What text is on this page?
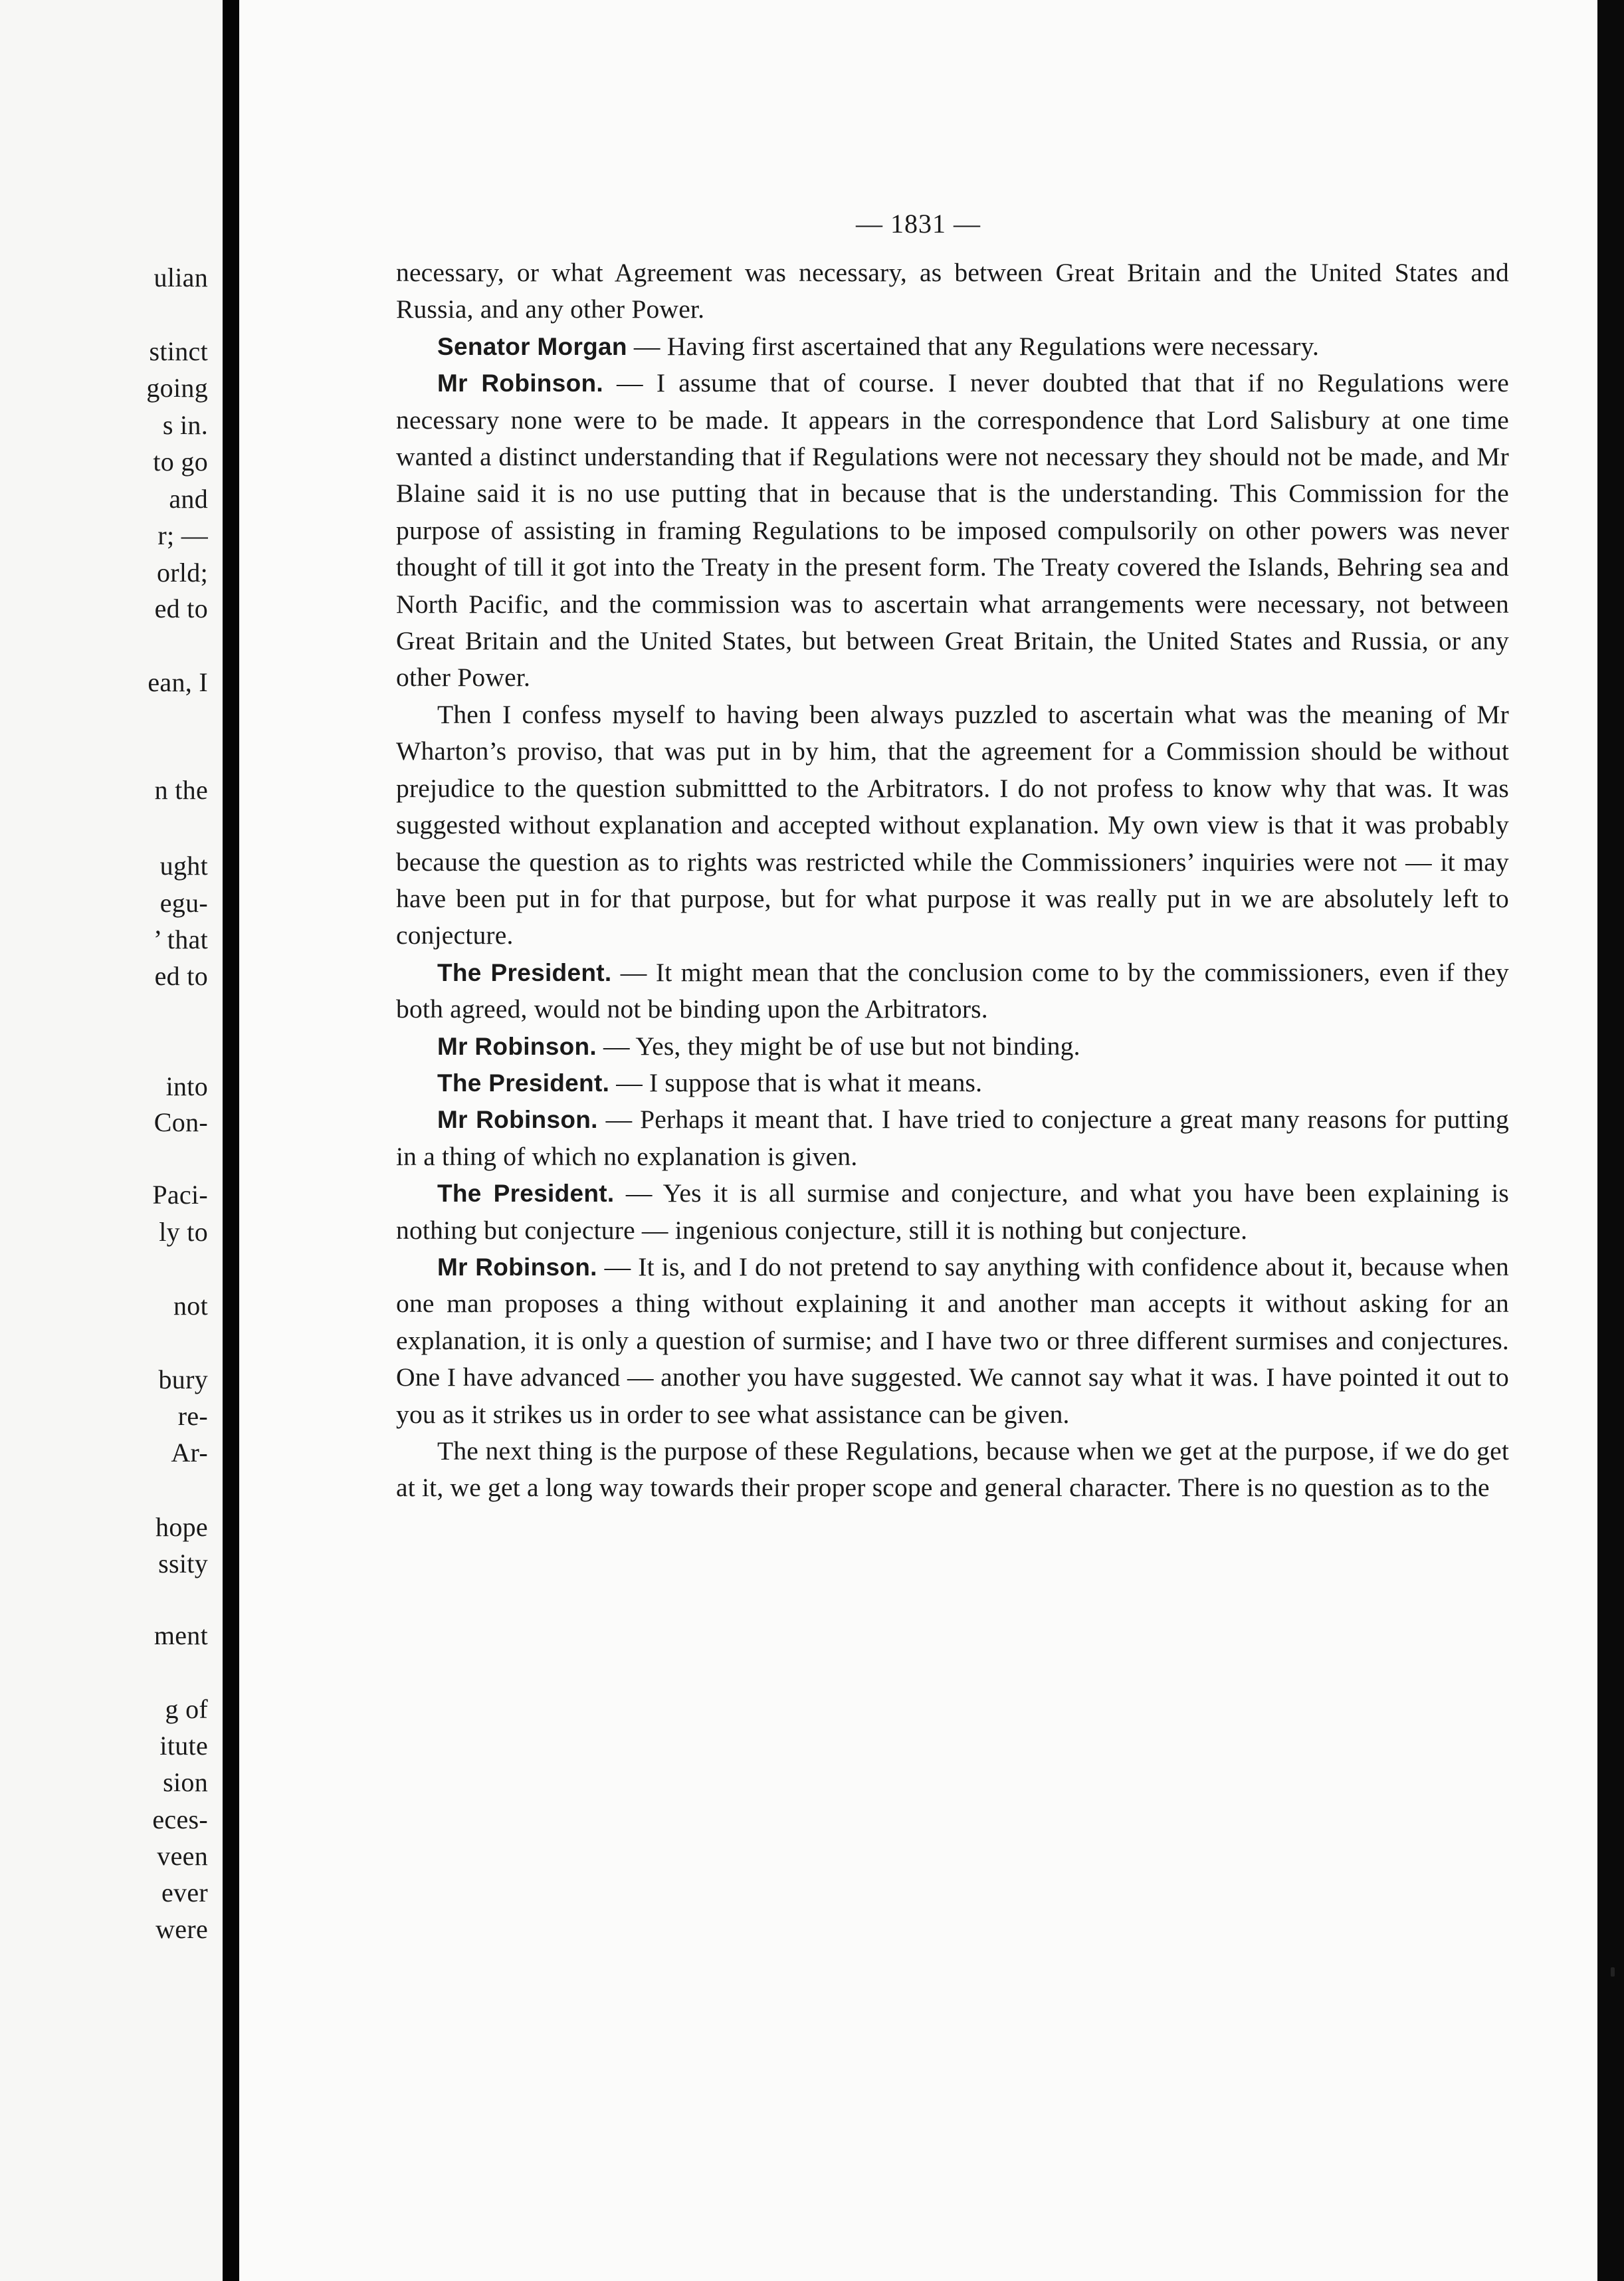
ulian
stinct
going
s in.
to go
and
r; —
orld;
ed to
ean, I
n the
ught
egu-
’ that
ed to
into
Con-
Paci-
ly to
not
bury
re-
Ar-
hope
ssity
ment
g of
itute
sion
eces-
veen
ever
were
— 1831 —

necessary, or what Agreement was necessary, as between Great Britain and the United States and Russia, and any other Power.

Senator Morgan — Having first ascertained that any Regulations were necessary.

Mr Robinson. — I assume that of course. I never doubted that that if no Regulations were necessary none were to be made. It appears in the correspondence that Lord Salisbury at one time wanted a distinct understanding that if Regulations were not necessary they should not be made, and Mr Blaine said it is no use putting that in because that is the understanding. This Commission for the purpose of assisting in framing Regulations to be imposed compulsorily on other powers was never thought of till it got into the Treaty in the present form. The Treaty covered the Islands, Behring sea and North Pacific, and the commission was to ascertain what arrangements were necessary, not between Great Britain and the United States, but between Great Britain, the United States and Russia, or any other Power.

Then I confess myself to having been always puzzled to ascertain what was the meaning of Mr Wharton’s proviso, that was put in by him, that the agreement for a Commission should be without prejudice to the question submittted to the Arbitrators. I do not profess to know why that was. It was suggested without explanation and accepted without explanation. My own view is that it was probably because the question as to rights was restricted while the Commissioners’ inquiries were not — it may have been put in for that purpose, but for what purpose it was really put in we are absolutely left to conjecture.

The President. — It might mean that the conclusion come to by the commissioners, even if they both agreed, would not be binding upon the Arbitrators.

Mr Robinson. — Yes, they might be of use but not binding.

The President. — I suppose that is what it means.

Mr Robinson. — Perhaps it meant that. I have tried to conjecture a great many reasons for putting in a thing of which no explanation is given.

The President. — Yes it is all surmise and conjecture, and what you have been explaining is nothing but conjecture — ingenious conjecture, still it is nothing but conjecture.

Mr Robinson. — It is, and I do not pretend to say anything with confidence about it, because when one man proposes a thing without explaining it and another man accepts it without asking for an explanation, it is only a question of surmise; and I have two or three different surmises and conjectures. One I have advanced — another you have suggested. We cannot say what it was. I have pointed it out to you as it strikes us in order to see what assistance can be given.

The next thing is the purpose of these Regulations, because when we get at the purpose, if we do get at it, we get a long way towards their proper scope and general character. There is no question as to the
